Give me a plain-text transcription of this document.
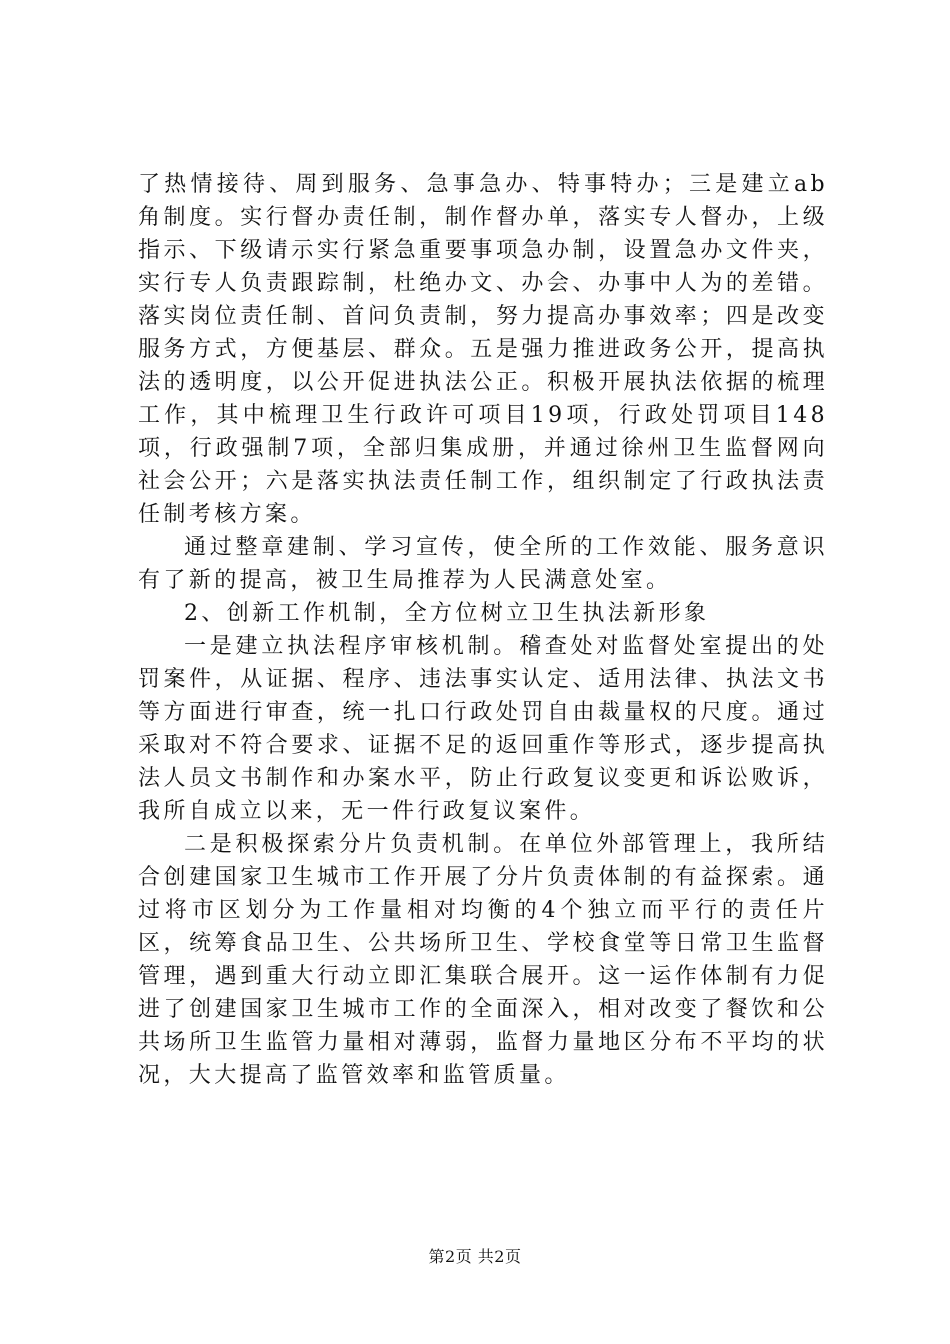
了热情接待、周到服务、急事急办、特事特办；三是建立ab角制度。实行督办责任制，制作督办单，落实专人督办，上级指示、下级请示实行紧急重要事项急办制，设置急办文件夹，实行专人负责跟踪制，杜绝办文、办会、办事中人为的差错。落实岗位责任制、首问负责制，努力提高办事效率；四是改变服务方式，方便基层、群众。五是强力推进政务公开，提高执法的透明度，以公开促进执法公正。积极开展执法依据的梳理工作，其中梳理卫生行政许可项目19项，行政处罚项目148项，行政强制7项，全部归集成册，并通过徐州卫生监督网向社会公开；六是落实执法责任制工作，组织制定了行政执法责任制考核方案。

通过整章建制、学习宣传，使全所的工作效能、服务意识有了新的提高，被卫生局推荐为人民满意处室。

2、创新工作机制，全方位树立卫生执法新形象

一是建立执法程序审核机制。稽查处对监督处室提出的处罚案件，从证据、程序、违法事实认定、适用法律、执法文书等方面进行审查，统一扎口行政处罚自由裁量权的尺度。通过采取对不符合要求、证据不足的返回重作等形式，逐步提高执法人员文书制作和办案水平，防止行政复议变更和诉讼败诉，我所自成立以来，无一件行政复议案件。

二是积极探索分片负责机制。在单位外部管理上，我所结合创建国家卫生城市工作开展了分片负责体制的有益探索。通过将市区划分为工作量相对均衡的4个独立而平行的责任片区，统筹食品卫生、公共场所卫生、学校食堂等日常卫生监督管理，遇到重大行动立即汇集联合展开。这一运作体制有力促进了创建国家卫生城市工作的全面深入，相对改变了餐饮和公共场所卫生监管力量相对薄弱，监督力量地区分布不平均的状况，大大提高了监管效率和监管质量。

第2页 共2页
